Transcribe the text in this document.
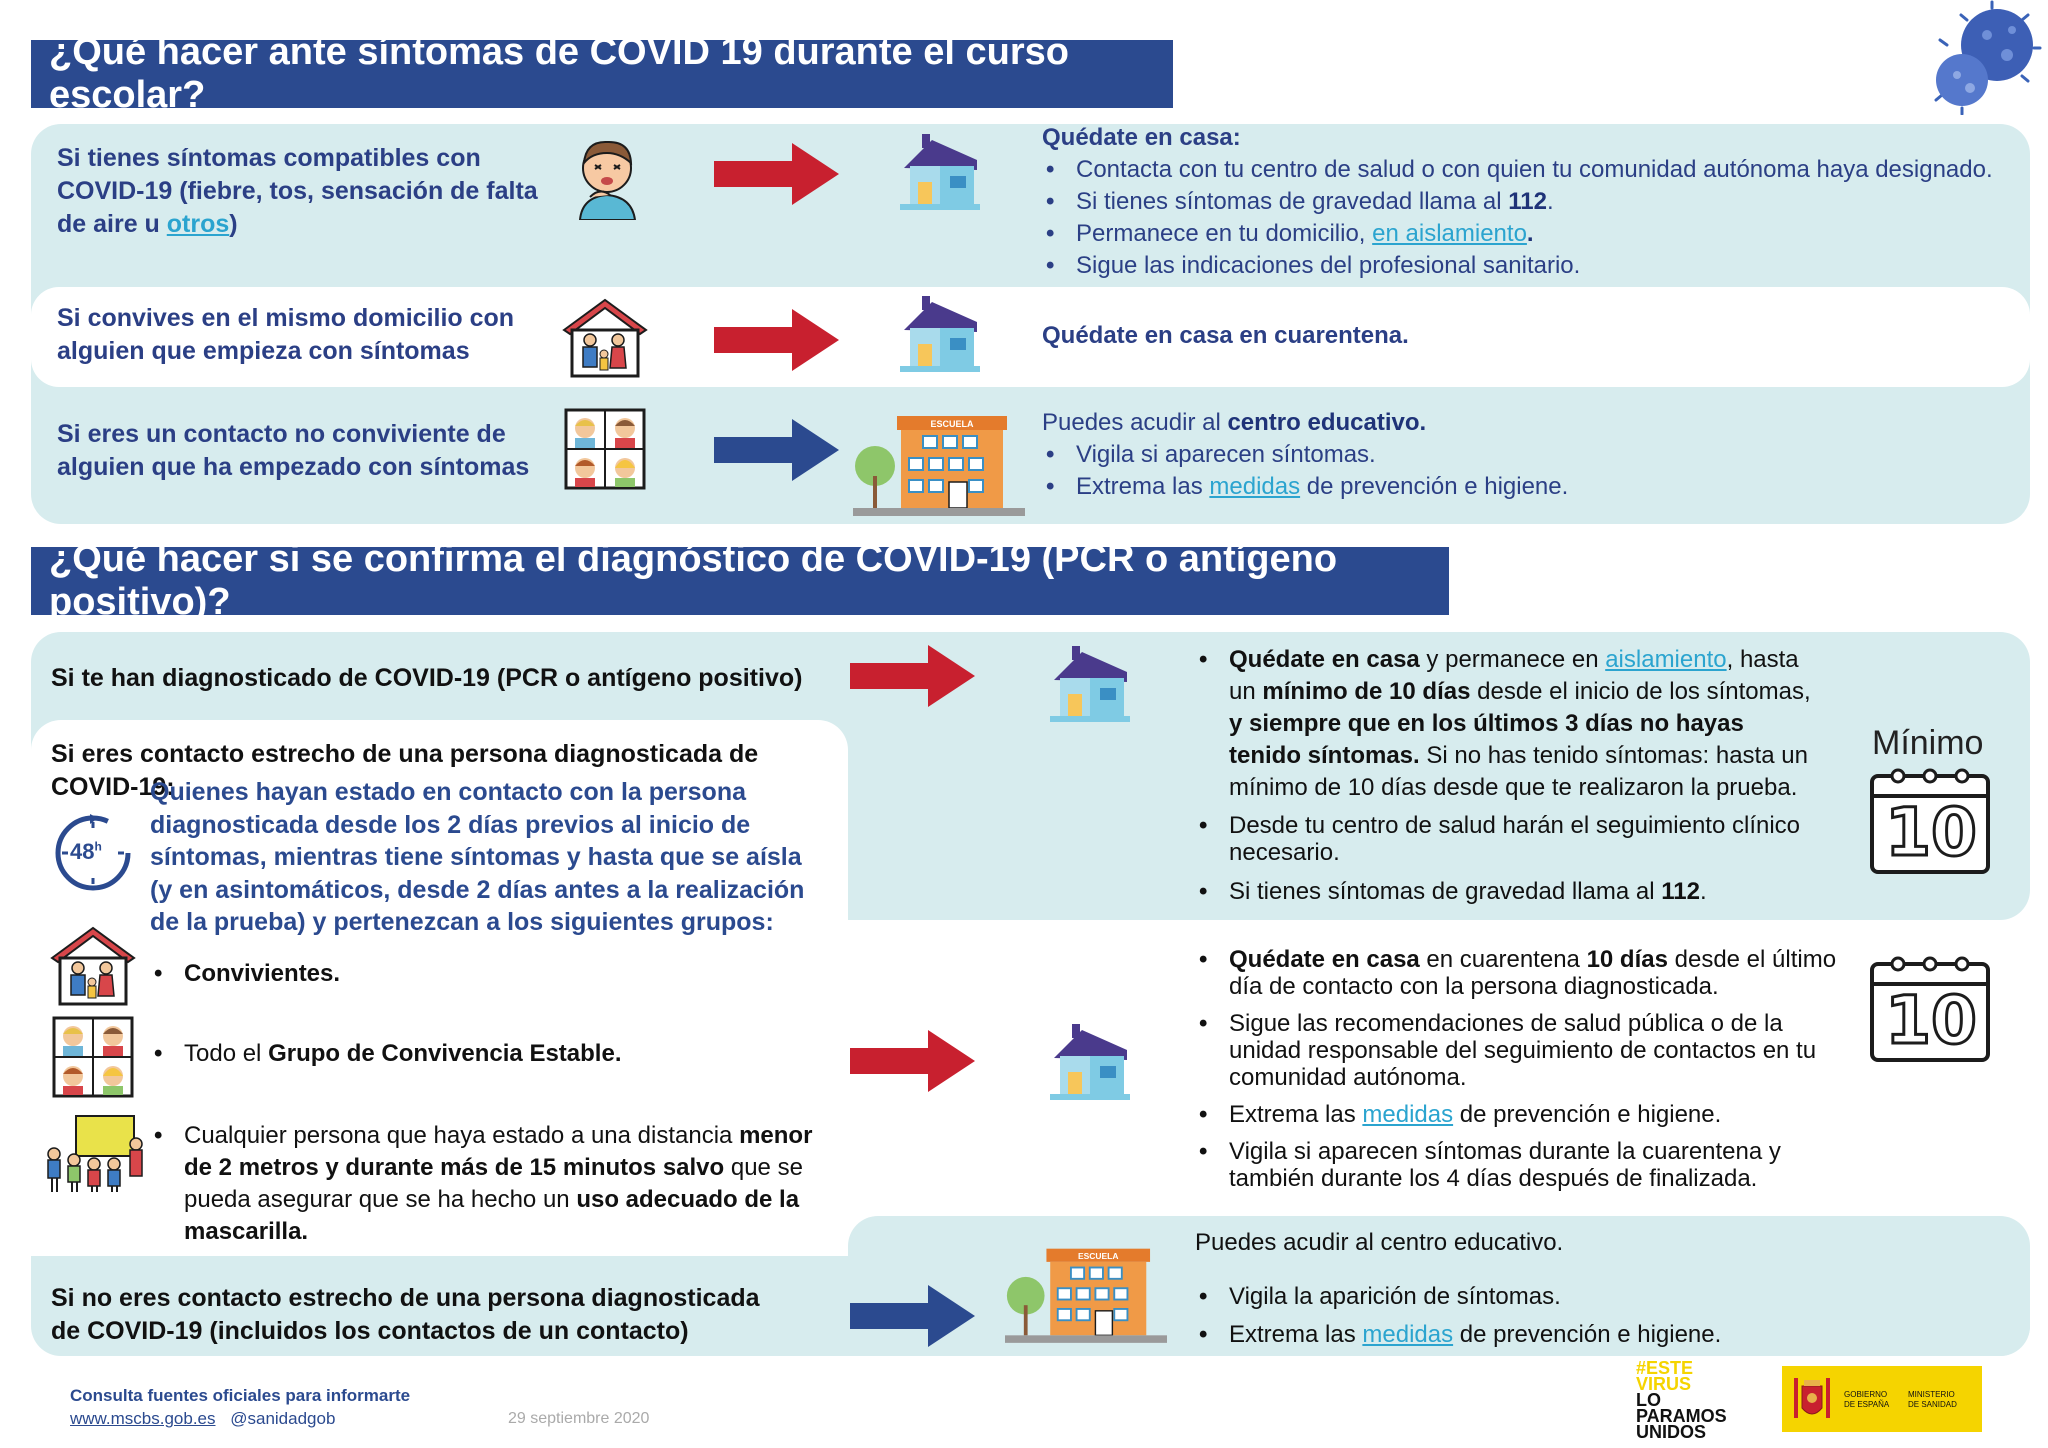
¿Qué hacer ante síntomas de COVID 19 durante el curso escolar?
Si tienes síntomas compatibles con
COVID-19 (fiebre, tos, sensación de falta
de aire u otros)
Quédate en casa:
• Contacta con tu centro de salud o con quien tu comunidad autónoma haya designado.
• Si tienes síntomas de gravedad llama al 112.
• Permanece en tu domicilio, en aislamiento.
• Sigue las indicaciones del profesional sanitario.
Si convives en el mismo domicilio con
alguien que empieza con síntomas
Quédate en casa en cuarentena.
Si eres un contacto no conviviente de
alguien que ha empezado con síntomas
ESCUELA	Puedes acudir al centro educativo.
• Vigila si aparecen síntomas.
• Extrema las medidas de prevención e higiene.
¿Qué hacer si se confirma el diagnóstico de COVID-19 (PCR o antígeno positivo)?
Si te han diagnosticado de COVID-19 (PCR o antígeno positivo)
• Quédate en casa y permanece en aislamiento, hasta un mínimo de 10 días desde el inicio de los síntomas, y siempre que en los últimos 3 días no hayas tenido síntomas. Si no has tenido síntomas: hasta un mínimo de 10 días desde que te realizaron la prueba.
• Desde tu centro de salud harán el seguimiento clínico necesario.
• Si tienes síntomas de gravedad llama al 112.
Mínimo
10
Si eres contacto estrecho de una persona diagnosticada de COVID-19:
48$^h$
Quienes hayan estado en contacto con la persona diagnosticada desde los 2 días previos al inicio de síntomas, mientras tiene síntomas y hasta que se aísla (y en asintomáticos, desde 2 días antes a la realización de la prueba) y pertenezcan a los siguientes grupos:
• Convivientes.
• Todo el Grupo de Convivencia Estable.
• Cualquier persona que haya estado a una distancia menor de 2 metros y durante más de 15 minutos salvo que se pueda asegurar que se ha hecho un uso adecuado de la mascarilla.
• Quédate en casa en cuarentena 10 días desde el último día de contacto con la persona diagnosticada.
• Sigue las recomendaciones de salud pública o de la unidad responsable del seguimiento de contactos en tu comunidad autónoma.
• Extrema las medidas de prevención e higiene.
• Vigila si aparecen síntomas durante la cuarentena y también durante los 4 días después de finalizada.
10
Si no eres contacto estrecho de una persona diagnosticada de COVID-19 (incluidos los contactos de un contacto)
ESCUELA
Puedes acudir al centro educativo.
• Vigila la aparición de síntomas.
• Extrema las medidas de prevención e higiene.
Consulta fuentes oficiales para informarte
www.mscbs.gob.es @sanidadgob	29 septiembre 2020
#ESTE
VIRUS
LO
PARAMOS
UNIDOS
GOBIERNO
DE ESPAÑA
MINISTERIO
DE SANIDAD
